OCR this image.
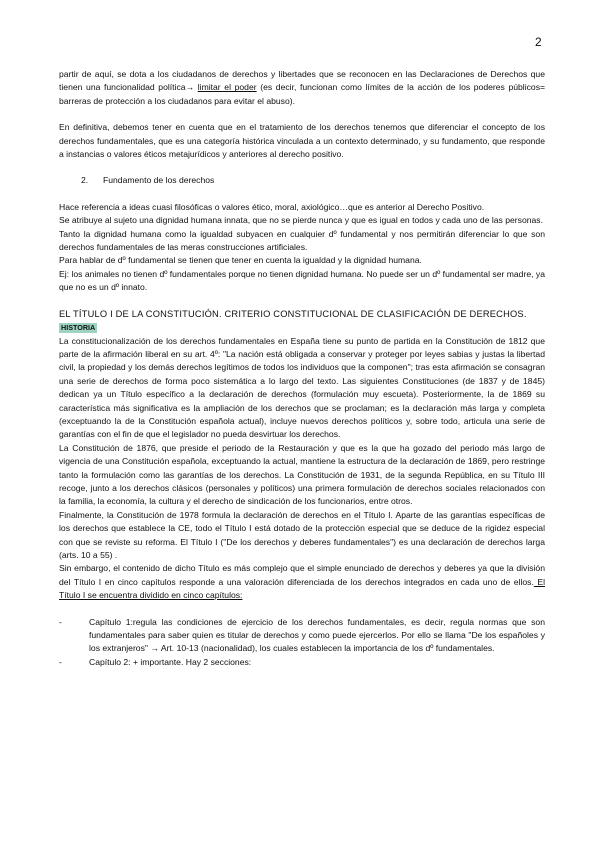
2

partir de aquí, se dota a los ciudadanos de derechos y libertades que se reconocen en las Declaraciones de Derechos que tienen una funcionalidad política→ limitar el poder (es decir, funcionan como límites de la acción de los poderes públicos= barreras de protección a los ciudadanos para evitar el abuso).

En definitiva, debemos tener en cuenta que en el tratamiento de los derechos tenemos que diferenciar el concepto de los derechos fundamentales, que es una categoría histórica vinculada a un contexto determinado, y su fundamento, que responde a instancias o valores éticos metajurídicos y anteriores al derecho positivo.

2.	Fundamento de los derechos

Hace referencia a ideas cuasi filosóficas o valores ético, moral, axiológico…que es anterior al Derecho Positivo.

Se atribuye al sujeto una dignidad humana innata, que no se pierde nunca y que es igual en todos y cada uno de las personas.

Tanto la dignidad humana como la igualdad subyacen en cualquier dº fundamental y nos permitirán diferenciar lo que son derechos fundamentales de las meras construcciones artificiales.

Para hablar de dº fundamental se tienen que tener en cuenta la igualdad y la dignidad humana.

Ej: los animales no tienen dº fundamentales porque no tienen dignidad humana. No puede ser un dº fundamental ser madre, ya que no es un dº innato.

EL TÍTULO I DE LA CONSTITUCIÓN. CRITERIO CONSTITUCIONAL DE CLASIFICACIÓN DE DERECHOS.

HISTORIA

La constitucionalización de los derechos fundamentales en España tiene su punto de partida en la Constitución de 1812 que parte de la afirmación liberal en su art. 4º: "La nación está obligada a conservar y proteger por leyes sabias y justas la libertad civil, la propiedad y los demás derechos legítimos de todos los individuos que la componen"; tras esta afirmación se consagran una serie de derechos de forma poco sistemática a lo largo del texto. Las siguientes Constituciones (de 1837 y de 1845) dedican ya un Título específico a la declaración de derechos (formulación muy escueta). Posteriormente, la de 1869 su característica más significativa es la ampliación de los derechos que se proclaman; es la declaración más larga y completa (exceptuando la de la Constitución española actual), incluye nuevos derechos políticos y, sobre todo, articula una serie de garantías con el fin de que el legislador no pueda desvirtuar los derechos.

La Constitución de 1876, que preside el periodo de la Restauración y que es la que ha gozado del periodo más largo de vigencia de una Constitución española, exceptuando la actual, mantiene la estructura de la declaración de 1869, pero restringe tanto la formulación como las garantías de los derechos. La Constitución de 1931, de la segunda República, en su Título III recoge, junto a los derechos clásicos (personales y políticos) una primera formulación de derechos sociales relacionados con la familia, la economía, la cultura y el derecho de sindicación de los funcionarios, entre otros.

Finalmente, la Constitución de 1978 formula la declaración de derechos en el Título I. Aparte de las garantías específicas de los derechos que establece la CE, todo el Título I está dotado de la protección especial que se deduce de la rigidez especial con que se reviste su reforma. El Título I ("De los derechos y deberes fundamentales") es una declaración de derechos larga (arts. 10 a 55) .

Sin embargo, el contenido de dicho Título es más complejo que el simple enunciado de derechos y deberes ya que la división del Título I en cinco capítulos responde a una valoración diferenciada de los derechos integrados en cada uno de ellos. El Título I se encuentra dividido en cinco capítulos:

-	Capítulo 1:regula las condiciones de ejercicio de los derechos fundamentales, es decir, regula normas que son fundamentales para saber quien es titular de derechos y como puede ejercerlos. Por ello se llama "De los españoles y los extranjeros" → Art. 10-13 (nacionalidad), los cuales establecen la importancia de los dº fundamentales.

-	Capítulo 2: + importante. Hay 2 secciones:
